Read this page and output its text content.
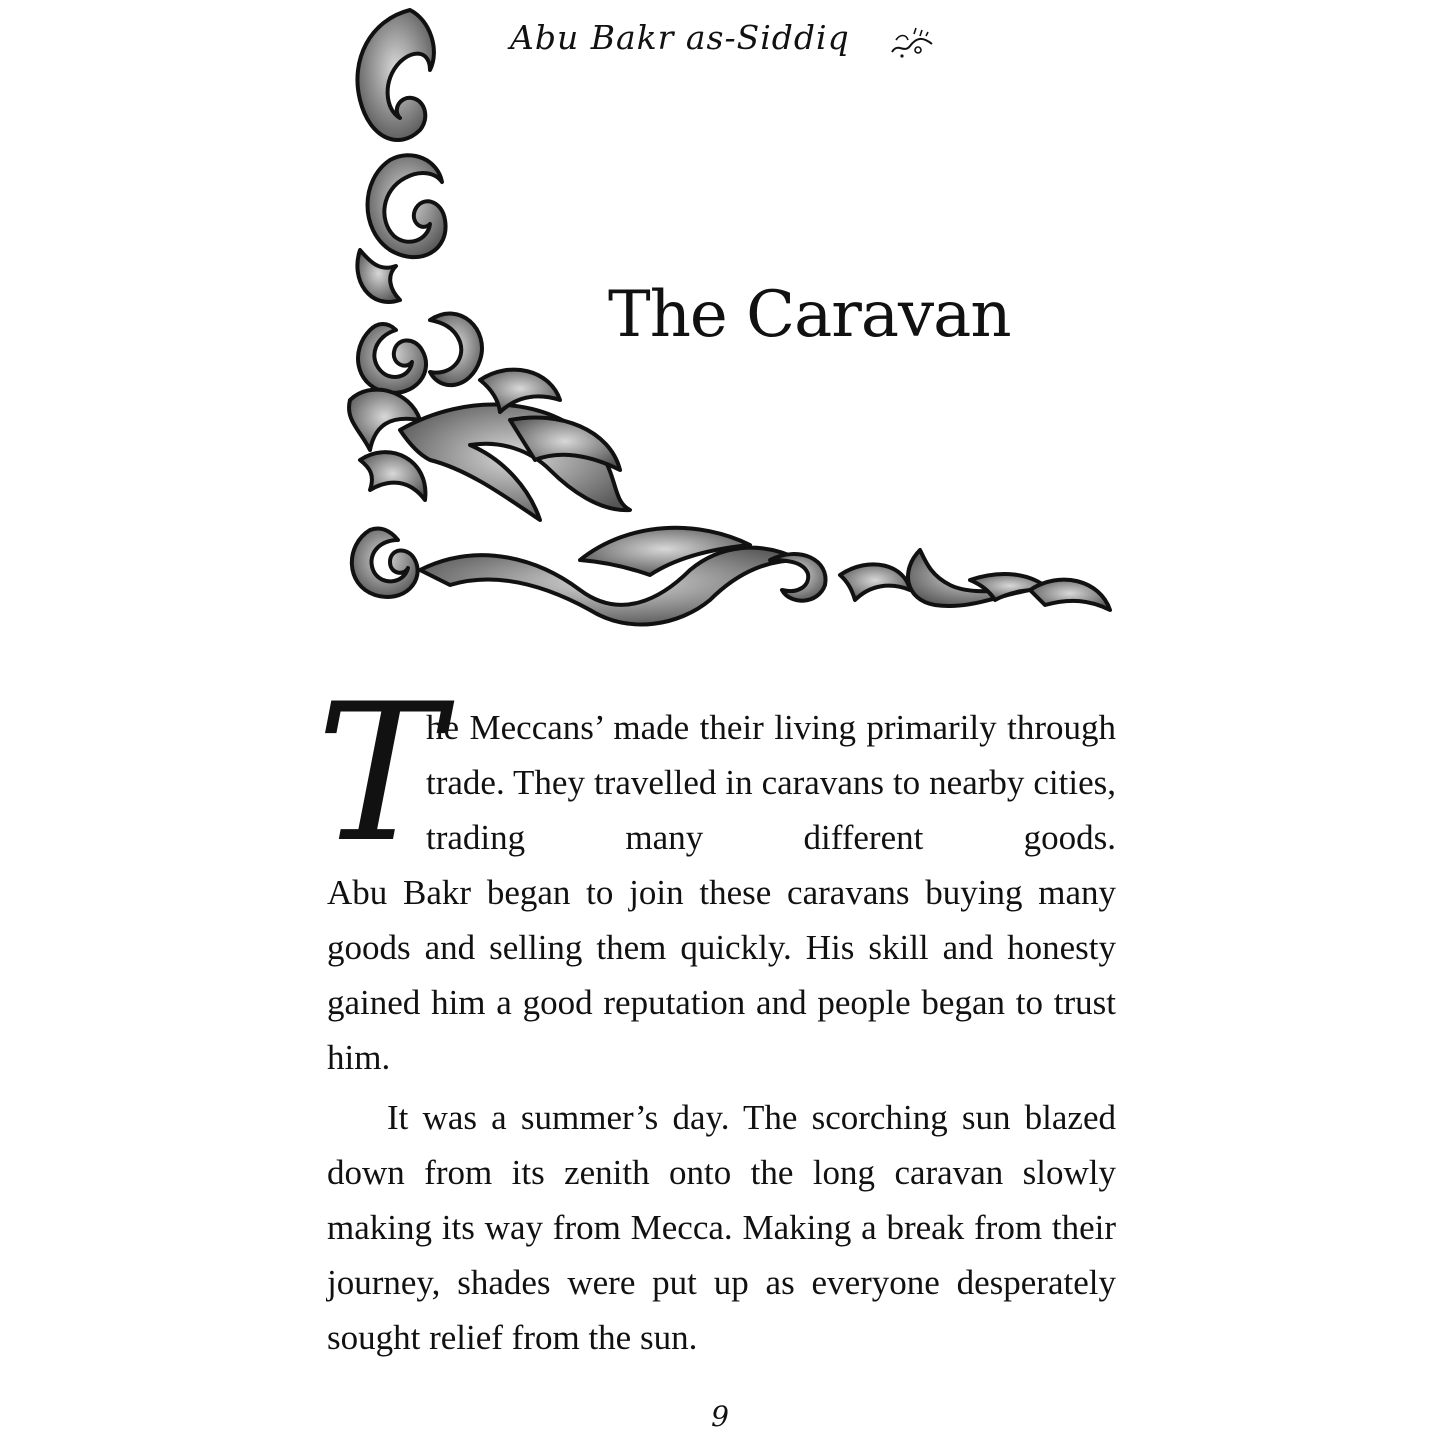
Abu Bakr as-Siddiq
The Caravan
T

he Meccans’ made their living primarily through trade. They travelled in caravans to nearby cities, trading many different goods.

Abu Bakr began to join these caravans buying many goods and selling them quickly. His skill and honesty gained him a good reputation and people began to trust him.

It was a summer’s day. The scorching sun blazed down from its zenith onto the long caravan slowly making its way from Mecca. Making a break from their journey, shades were put up as everyone desperately sought relief from the sun.

9
